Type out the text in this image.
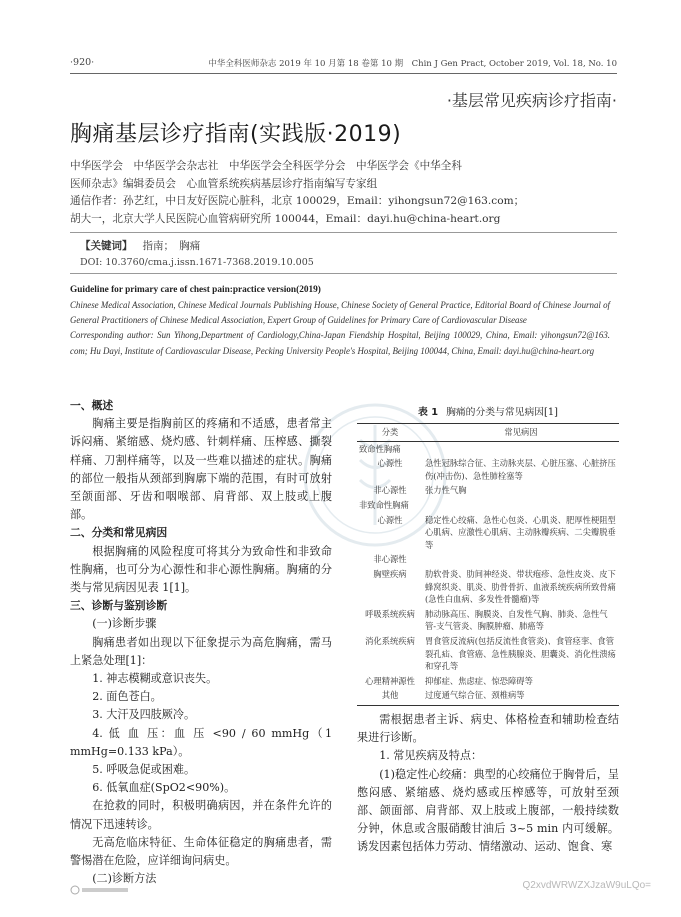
·920·	中华全科医师杂志 2019 年 10 月第 18 卷第 10 期　Chin J Gen Pract, October 2019, Vol. 18, No. 10
·基层常见疾病诊疗指南·
胸痛基层诊疗指南(实践版·2019)
中华医学会　中华医学会杂志社　中华医学会全科医学分会　中华医学会《中华全科
医师杂志》编辑委员会　心血管系统疾病基层诊疗指南编写专家组
通信作者：孙艺红，中日友好医院心脏科，北京 100029，Email：yihongsun72@163.com；
胡大一，北京大学人民医院心血管病研究所 100044，Email：dayi.hu@china-heart.org
【关键词】 指南；　胸痛
DOI: 10.3760/cma.j.issn.1671-7368.2019.10.005
Guideline for primary care of chest pain:practice version(2019)
Chinese Medical Association, Chinese Medical Journals Publishing House, Chinese Society of General Practice, Editorial Board of Chinese Journal of General Practitioners of Chinese Medical Association, Expert Group of Guidelines for Primary Care of Cardiovascular Disease
Corresponding author: Sun Yihong,Department of Cardiology,China-Japan Fiendship Hospital, Beijing 100029, China, Email: yihongsun72@163. com; Hu Dayi, Institute of Cardiovascular Disease, Pecking University People's Hospital, Beijing 100044, China, Email: dayi.hu@china-heart.org

一、概述

胸痛主要是指胸前区的疼痛和不适感，患者常主诉闷痛、紧缩感、烧灼感、针刺样痛、压榨感、撕裂样痛、刀割样痛等，以及一些难以描述的症状。胸痛的部位一般指从颈部到胸廓下端的范围，有时可放射至颌面部、牙齿和咽喉部、肩背部、双上肢或上腹部。

二、分类和常见病因

根据胸痛的风险程度可将其分为致命性和非致命性胸痛，也可分为心源性和非心源性胸痛。胸痛的分类与常见病因见表 1[1]。

三、诊断与鉴别诊断

(一)诊断步骤

胸痛患者如出现以下征象提示为高危胸痛，需马上紧急处理[1]：

1. 神志模糊或意识丧失。

2. 面色苍白。

3. 大汗及四肢厥冷。

4. 低 血 压：血 压 <90 / 60 mmHg（1 mmHg=0.133 kPa）。

5. 呼吸急促或困难。

6. 低氧血症(SpO2<90%)。

在抢救的同时，积极明确病因，并在条件允许的情况下迅速转诊。

无高危临床特征、生命体征稳定的胸痛患者，需警惕潜在危险，应详细询问病史。

(二)诊断方法

表 1 胸痛的分类与常见病因[1]
分类	常见病因
致命性胸痛	
心源性	急性冠脉综合征、主动脉夹层、心脏压塞、心脏挤压伤(冲击伤)、急性肺栓塞等
非心源性	张力性气胸
非致命性胸痛	
心源性	稳定性心绞痛、急性心包炎、心肌炎、肥厚性梗阻型心肌病、应激性心肌病、主动脉瓣疾病、二尖瓣脱垂等
非心源性	
胸壁疾病	肋软骨炎、肋间神经炎、带状疱疹、急性皮炎、皮下蜂窝织炎、肌炎、肋骨骨折、血液系统疾病所致骨痛(急性白血病、多发性骨髓瘤)等
呼吸系统疾病	肺动脉高压、胸膜炎、自发性气胸、肺炎、急性气管-支气管炎、胸膜肿瘤、肺癌等
消化系统疾病	胃食管反流病(包括反流性食管炎)、食管痉挛、食管裂孔疝、食管癌、急性胰腺炎、胆囊炎、消化性溃疡和穿孔等
心理精神源性	抑郁症、焦虑症、惊恐障碍等
其他	过度通气综合征、颈椎病等

需根据患者主诉、病史、体格检查和辅助检查结果进行诊断。

1. 常见疾病及特点：

(1)稳定性心绞痛：典型的心绞痛位于胸骨后，呈憋闷感、紧缩感、烧灼感或压榨感等，可放射至颈部、颌面部、肩背部、双上肢或上腹部，一般持续数分钟，休息或含服硝酸甘油后 3~5 min 内可缓解。诱发因素包括体力劳动、情绪激动、运动、饱食、寒

Q2xvdWRWZXJzaW9uLQo=
